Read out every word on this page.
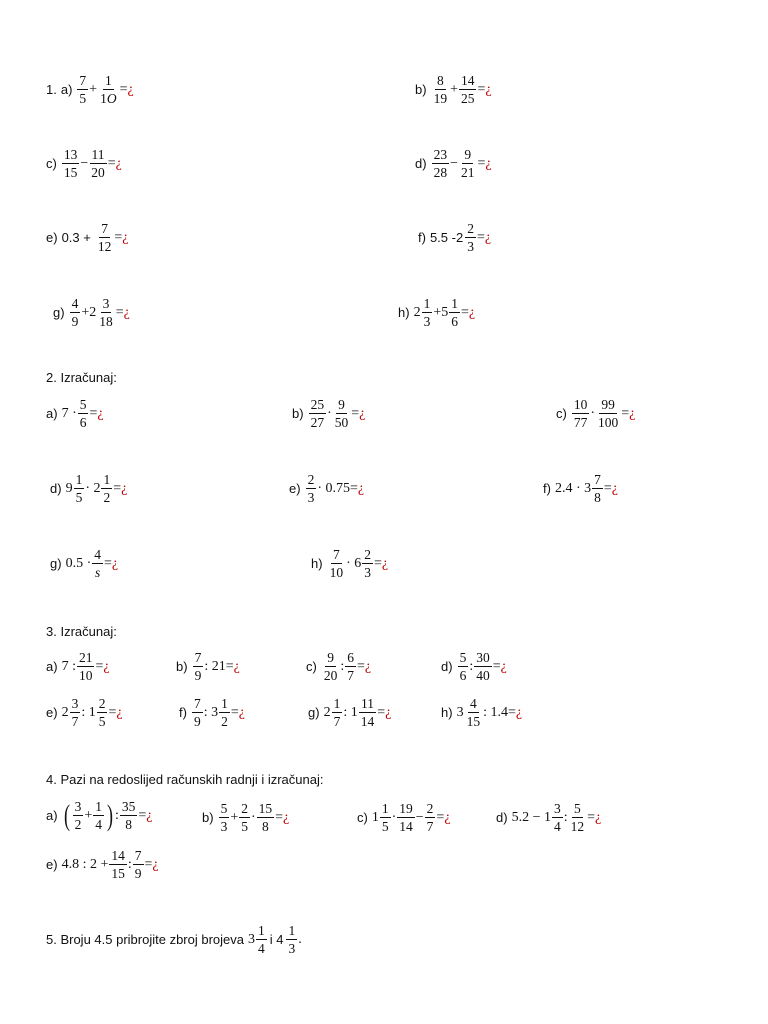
1. $a) \frac{7}{5} + \frac{1}{1O}$ = ¿	$b) \frac{8}{19} + \frac{14}{25}$ = ¿
$c) \frac{13}{15} - \frac{11}{20}$ = ¿	$d) \frac{23}{28} - \frac{9}{21}$ = ¿
e) $0.3 + \frac{7}{12}$ = ¿	f) 5.5 $-2 \frac{2}{3}$ = ¿
$g) \frac{4}{9} +2 \frac{3}{18}$ = ¿	h) $2 \frac{1}{3} +5 \frac{1}{6}$ = ¿
2. Izračunaj:
a) $7 \cdot \frac{5}{6}$ = ¿	$b) \frac{25}{27} \cdot \frac{9}{50}$ = ¿	$c) \frac{10}{77} \cdot \frac{99}{100}$ = ¿
d) $9 \frac{1}{5} \cdot 2 \frac{1}{2}$ = ¿	$e) \frac{2}{3} \cdot 0.75$ = ¿	f) $2.4 \cdot 3 \frac{7}{8}$ = ¿
g) $0.5 \cdot \frac{4}{s}$ = ¿	$h) \frac{7}{10} \cdot 6 \frac{2}{3}$ = ¿
3. Izračunaj:
a) 7 : $\frac{21}{10}$ = ¿	$b) \frac{7}{9}$ : 21 = ¿	$c) \frac{9}{20}$ : $\frac{6}{7}$ = ¿	$d) \frac{5}{6}$ : $\frac{30}{40}$ = ¿
e) $2 \frac{3}{7}$ : $1 \frac{2}{5}$ = ¿	$f) \frac{7}{9}$ : $3 \frac{1}{2}$ = ¿	g) $2 \frac{1}{7}$ : $1 \frac{11}{14}$ = ¿	h) $3 \frac{4}{15}$ : 1.4 = ¿
4. Pazi na redoslijed računskih radnji i izračunaj:
a) ( $\frac{3}{2} + \frac{1}{4}$ ) : $\frac{35}{8}$ = ¿	$b) \frac{5}{3} + \frac{2}{5} \cdot \frac{15}{8}$ = ¿	c) $1 \frac{1}{5} \cdot \frac{19}{14} - \frac{2}{7}$ = ¿	d) $5.2 - 1 \frac{3}{4}$ : $\frac{5}{12}$ = ¿
e) 4.8 : $2 + \frac{14}{15}$ : $\frac{7}{9}$ = ¿
5. Broju 4.5 pribrojite zbroj brojeva $3 \frac{1}{4}$ i $4 \frac{1}{3}$ .
